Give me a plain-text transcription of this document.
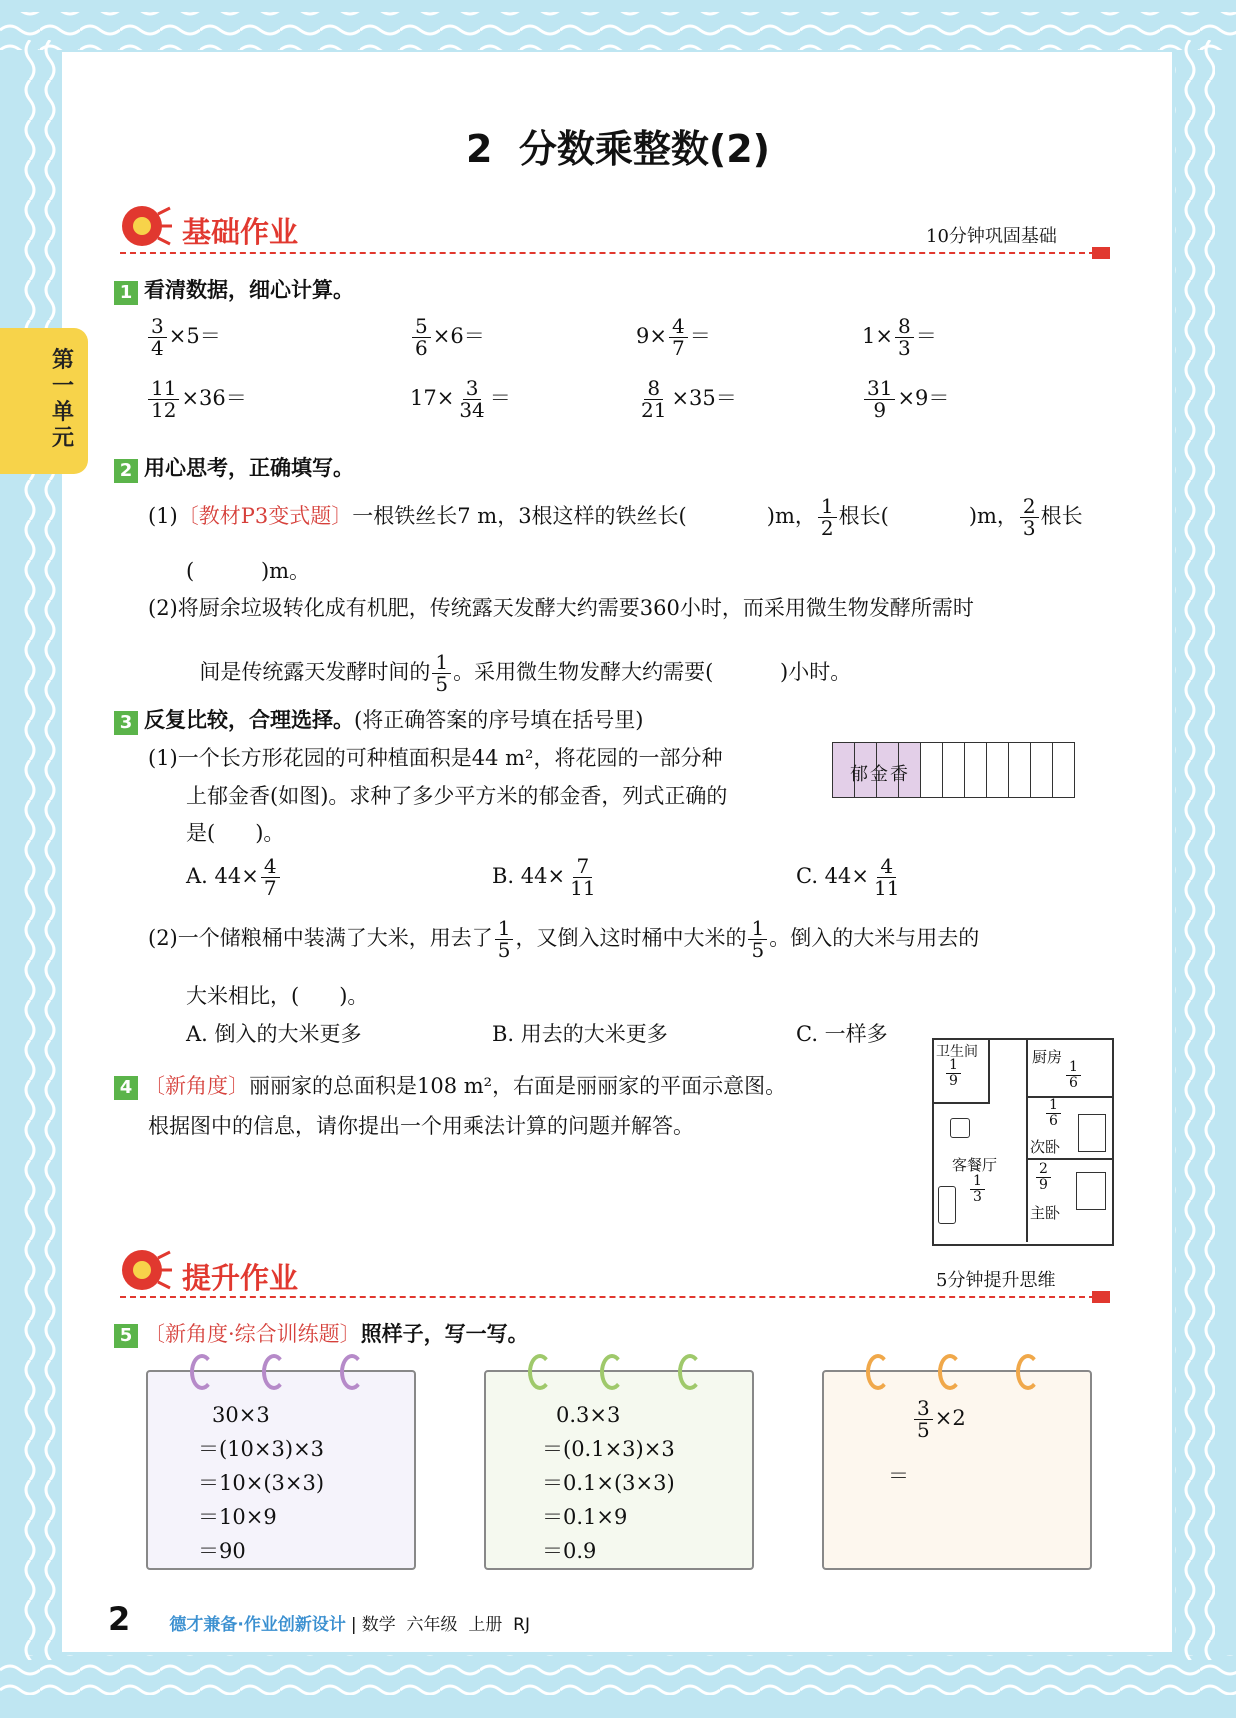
第一单元
2  分数乘整数(2)
基础作业	10分钟巩固基础
1 看清数据，细心计算。
$\frac{3}{4} \times 5=$	$\frac{5}{6} \times 6=$	$9\times \frac{4}{7}$ ＝	$1\times \frac{8}{3}$ ＝
$\frac{11}{12} \times 36=$	$17\times \frac{3}{34}$ ＝	$\frac{8}{21} \times 35=$	$\frac{31}{9} \times 9=$
2 用心思考，正确填写。
(1)〔教材P3变式题〕一根铁丝长7 m，3根这样的铁丝长(	)m， $\frac{1}{2}$ 根长(	)m， $\frac{2}{3}$ 根长
(          )m。
(2)将厨余垃圾转化成有机肥，传统露天发酵大约需要360小时，而采用微生物发酵所需时

间是传统露天发酵时间的 $\frac{1}{5}$ 。采用微生物发酵大约需要(          )小时。

3 反复比较，合理选择。(将正确答案的序号填在括号里)
(1)一个长方形花园的可种植面积是44 m²，将花园的一部分种
上郁金香(如图)。求种了多少平方米的郁金香，列式正确的
是(      )。

郁金香
A. $44\times \frac{4}{7}$	B. $44\times \frac{7}{11}$	C. $44\times \frac{4}{11}$
(2)一个储粮桶中装满了大米，用去了 $\frac{1}{5}$ ，又倒入这时桶中大米的 $\frac{1}{5}$ 。倒入的大米与用去的
大米相比，(      )。
A. 倒入的大米更多	B. 用去的大米更多	C. 一样多
4 〔新角度〕丽丽家的总面积是108 m²，右面是丽丽家的平面示意图。
根据图中的信息，请你提出一个用乘法计算的问题并解答。
卫生间
$\frac{1}{9}$
厨房
$\frac{1}{6}$
$\frac{1}{6}$
次卧
客餐厅
$\frac{1}{3}$	$\frac{2}{9}$
主卧
提升作业	5分钟提升思维
5 〔新角度·综合训练题〕照样子，写一写。
30×3
＝(10×3)×3
＝10×(3×3)
＝10×9
＝90
0.3×3
＝(0.1×3)×3
＝0.1×(3×3)
＝0.1×9
＝0.9
$\frac{3}{5} \times 2$
＝
2 德才兼备·作业创新设计 | 数学  六年级  上册  RJ
